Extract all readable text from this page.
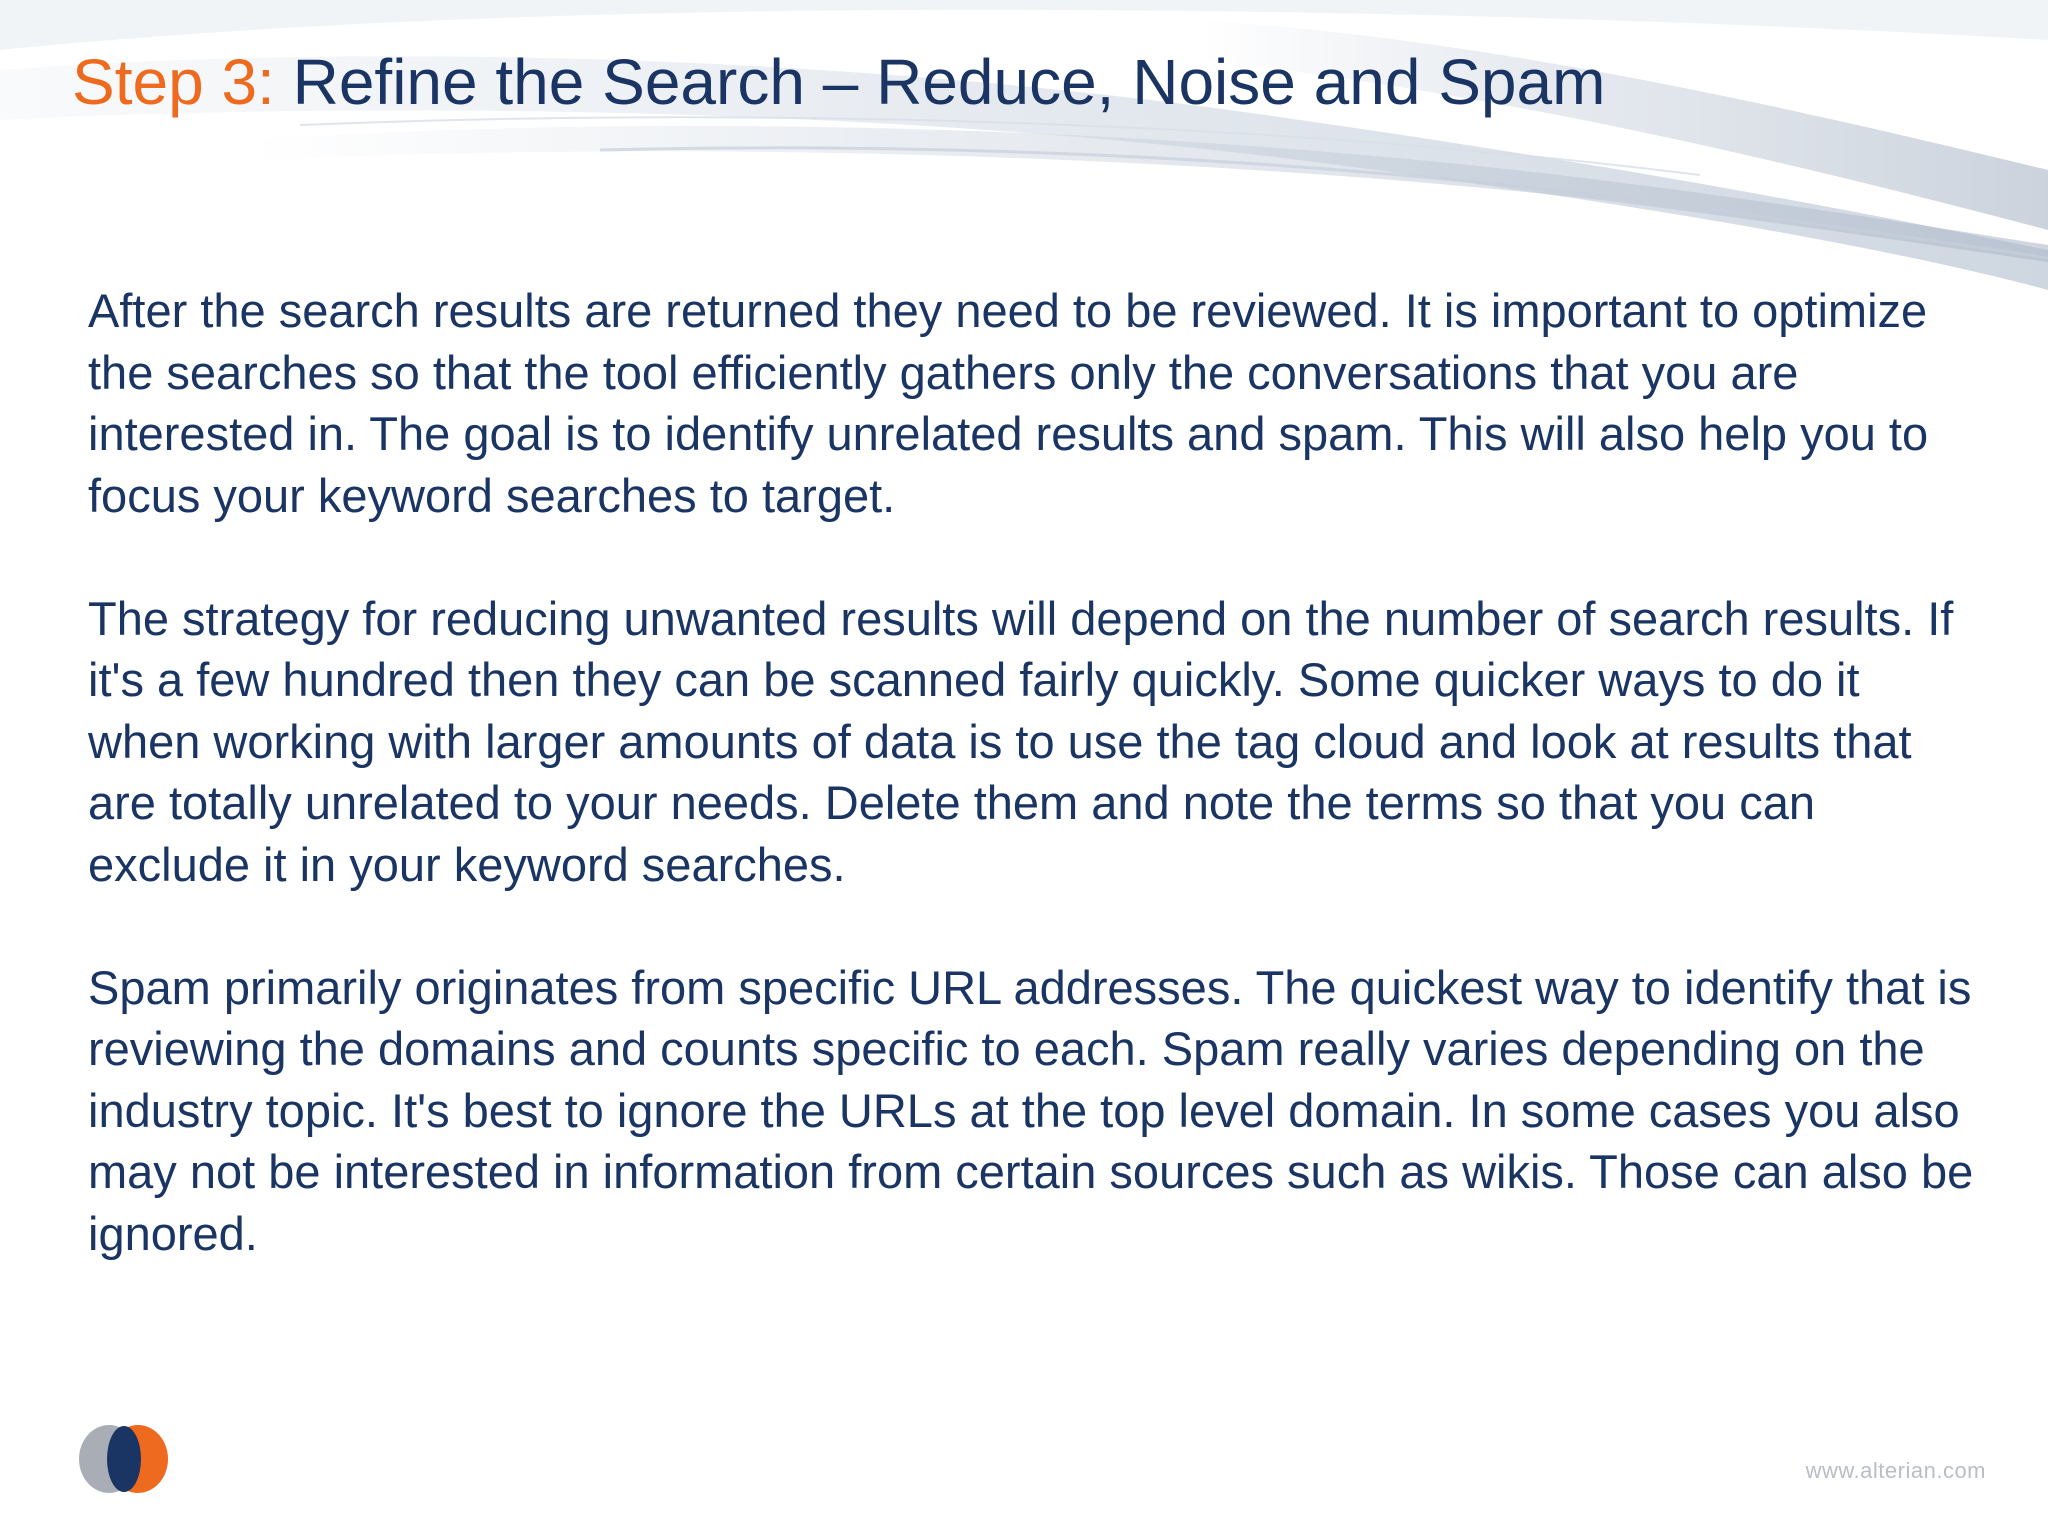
Step 3: Refine the Search – Reduce, Noise and Spam

After the search results are returned they need to be reviewed. It is important to optimize the searches so that the tool efficiently gathers only the conversations that you are interested in. The goal is to identify unrelated results and spam. This will also help you to focus your keyword searches to target.

The strategy for reducing unwanted results will depend on the number of search results. If it's a few hundred then they can be scanned fairly quickly. Some quicker ways to do it when working with larger amounts of data is to use the tag cloud and look at results that are totally unrelated to your needs. Delete them and note the terms so that you can exclude it in your keyword searches.

Spam primarily originates from specific URL addresses. The quickest way to identify that is reviewing the domains and counts specific to each. Spam really varies depending on the industry topic. It's best to ignore the URLs at the top level domain. In some cases you also may not be interested in information from certain sources such as wikis. Those can also be ignored.

www.alterian.com
